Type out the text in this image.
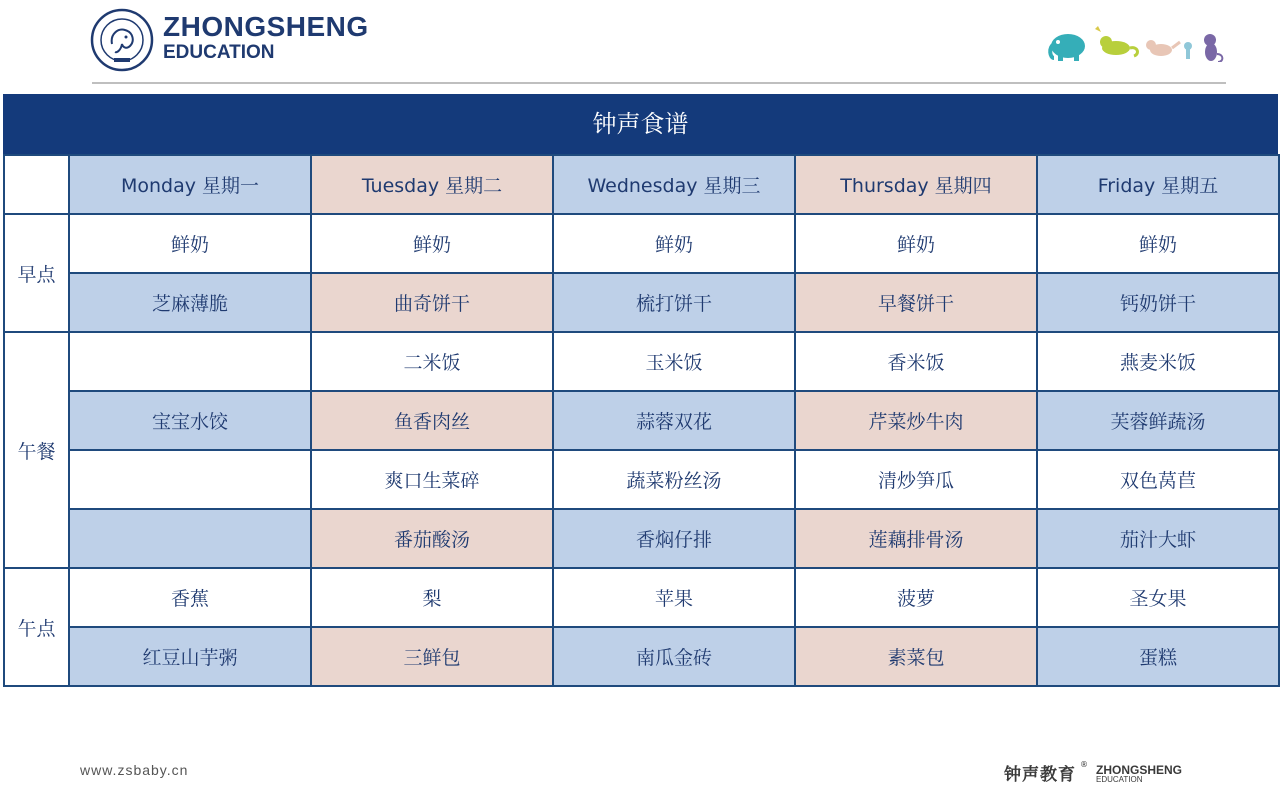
ZHONGSHENG
EDUCATION
钟声食谱
	Monday 星期一	Tuesday 星期二	Wednesday 星期三	Thursday 星期四	Friday 星期五
早点	鲜奶	鲜奶	鲜奶	鲜奶	鲜奶
	芝麻薄脆	曲奇饼干	梳打饼干	早餐饼干	钙奶饼干
午餐		二米饭	玉米饭	香米饭	燕麦米饭
	宝宝水饺	鱼香肉丝	蒜蓉双花	芹菜炒牛肉	芙蓉鲜蔬汤
		爽口生菜碎	蔬菜粉丝汤	清炒笋瓜	双色莴苣
		番茄酸汤	香焖仔排	莲藕排骨汤	茄汁大虾
午点	香蕉	梨	苹果	菠萝	圣女果
	红豆山芋粥	三鲜包	南瓜金砖	素菜包	蛋糕
www.zsbaby.cn	钟声教育
® ZHONGSHENG
EDUCATION
